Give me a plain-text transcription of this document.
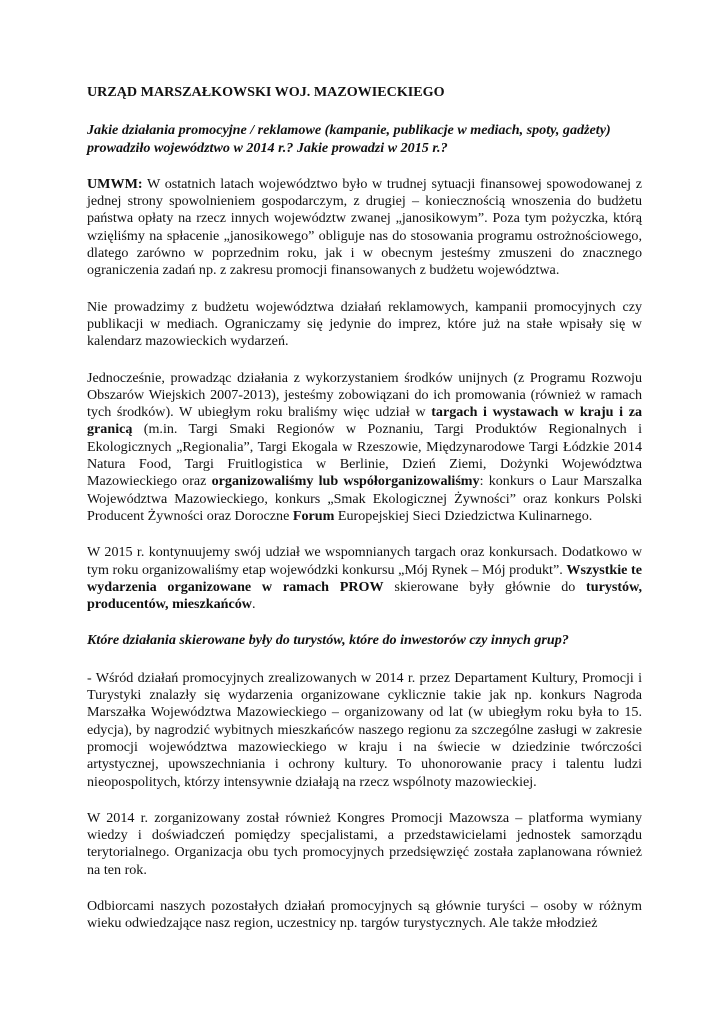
URZĄD MARSZAŁKOWSKI WOJ. MAZOWIECKIEGO
Jakie działania promocyjne / reklamowe (kampanie, publikacje w mediach, spoty, gadżety) prowadziło województwo w 2014 r.? Jakie prowadzi w 2015 r.?
UMWM: W ostatnich latach województwo było w trudnej sytuacji finansowej spowodowanej z jednej strony spowolnieniem gospodarczym, z drugiej – koniecznością wnoszenia do budżetu państwa opłaty na rzecz innych województw zwanej „janosikowym”. Poza tym pożyczka, którą wzięliśmy na spłacenie „janosikowego” obliguje nas do stosowania programu ostrożnościowego, dlatego zarówno w poprzednim roku, jak i w obecnym jesteśmy zmuszeni do znacznego ograniczenia zadań np. z zakresu promocji finansowanych z budżetu województwa.
Nie prowadzimy z budżetu województwa działań reklamowych, kampanii promocyjnych czy publikacji w mediach. Ograniczamy się jedynie do imprez, które już na stałe wpisały się w kalendarz mazowieckich wydarzeń.
Jednocześnie, prowadząc działania z wykorzystaniem środków unijnych (z Programu Rozwoju Obszarów Wiejskich 2007-2013), jesteśmy zobowiązani do ich promowania (również w ramach tych środków). W ubiegłym roku braliśmy więc udział w targach i wystawach w kraju i za granicą (m.in. Targi Smaki Regionów w Poznaniu, Targi Produktów Regionalnych i Ekologicznych „Regionalia”, Targi Ekogala w Rzeszowie, Międzynarodowe Targi Łódzkie 2014 Natura Food, Targi Fruitlogistica w Berlinie, Dzień Ziemi, Dożynki Województwa Mazowieckiego oraz organizowaliśmy lub współorganizowaliśmy: konkurs o Laur Marszalka Województwa Mazowieckiego, konkurs „Smak Ekologicznej Żywności” oraz konkurs Polski Producent Żywności oraz Doroczne Forum Europejskiej Sieci Dziedzictwa Kulinarnego.
W 2015 r. kontynuujemy swój udział we wspomnianych targach oraz konkursach. Dodatkowo w tym roku organizowaliśmy etap wojewódzki konkursu „Mój Rynek – Mój produkt”. Wszystkie te wydarzenia organizowane w ramach PROW skierowane były głównie do turystów, producentów, mieszkańców.
Które działania skierowane były do turystów, które do inwestorów czy innych grup?
- Wśród działań promocyjnych zrealizowanych w 2014 r. przez Departament Kultury, Promocji i Turystyki znalazły się wydarzenia organizowane cyklicznie takie jak np. konkurs Nagroda Marszałka Województwa Mazowieckiego – organizowany od lat (w ubiegłym roku była to 15. edycja), by nagrodzić wybitnych mieszkańców naszego regionu za szczególne zasługi w zakresie promocji województwa mazowieckiego w kraju i na świecie w dziedzinie twórczości artystycznej, upowszechniania i ochrony kultury. To uhonorowanie pracy i talentu ludzi nieopospolitych, którzy intensywnie działają na rzecz wspólnoty mazowieckiej.
W 2014 r. zorganizowany został również Kongres Promocji Mazowsza – platforma wymiany wiedzy i doświadczeń pomiędzy specjalistami, a przedstawicielami jednostek samorządu terytorialnego. Organizacja obu tych promocyjnych przedsięwzięć została zaplanowana również na ten rok.
Odbiorcami naszych pozostałych działań promocyjnych są głównie turyści – osoby w różnym wieku odwiedzające nasz region, uczestnicy np. targów turystycznych. Ale także młodzież
